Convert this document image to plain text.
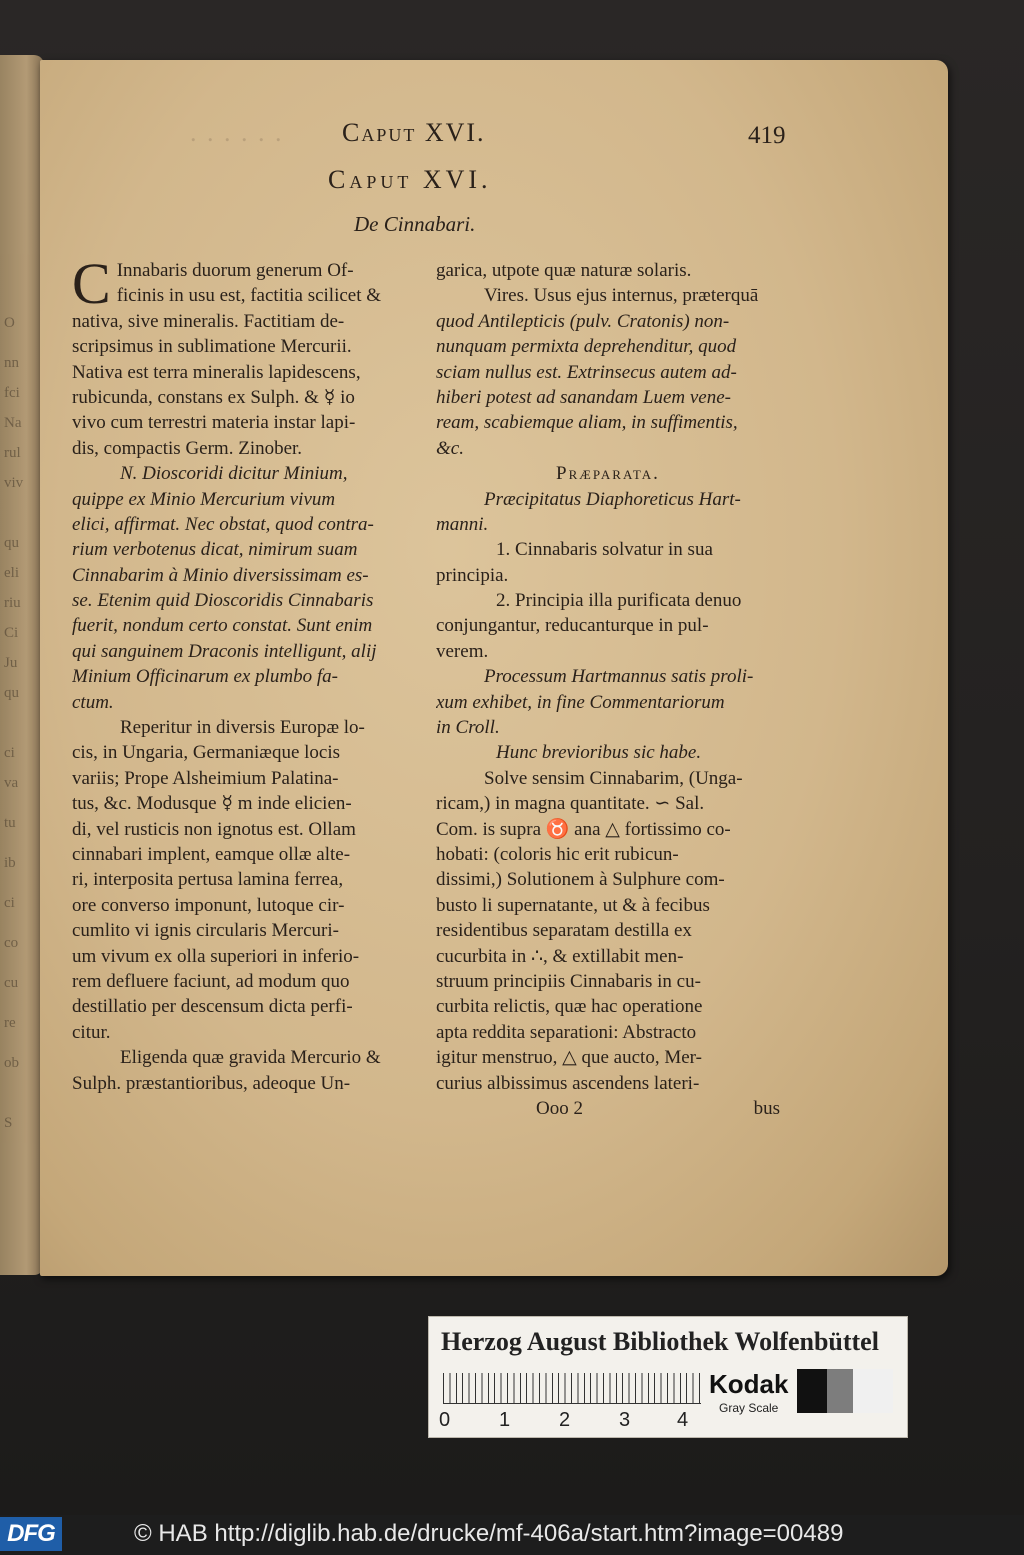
O
nn
fci
Na
rul
viv
qu
eli
riu
Ci
Ju
qu
ci
va
tu
ib
ci
co
cu
re
ob
S
. . . . . . Caput XVI.	419
Caput XVI.
De Cinnabari.
C Innabaris duorum generum Of-
ficinis in usu est, factitia scilicet &
nativa, sive mineralis. Factitiam de-
scripsimus in sublimatione Mercurii.
Nativa est terra mineralis lapidescens,
rubicunda, constans ex Sulph. & ☿ io
vivo cum terrestri materia instar lapi-
dis, compactis Germ. Zinober.
N. Dioscoridi dicitur Minium,
quippe ex Minio Mercurium vivum
elici, affirmat. Nec obstat, quod contra-
rium verbotenus dicat, nimirum suam
Cinnabarim à Minio diversissimam es-
se. Etenim quid Dioscoridis Cinnabaris
fuerit, nondum certo constat. Sunt enim
qui sanguinem Draconis intelligunt, alij
Minium Officinarum ex plumbo fa-
ctum.
Reperitur in diversis Europæ lo-
cis, in Ungaria, Germaniæque locis
variis; Prope Alsheimium Palatina-
tus, &c. Modusque ☿ m inde elicien-
di, vel rusticis non ignotus est. Ollam
cinnabari implent, eamque ollæ alte-
ri, interposita pertusa lamina ferrea,
ore converso imponunt, lutoque cir-
cumlito vi ignis circularis Mercuri-
um vivum ex olla superiori in inferio-
rem defluere faciunt, ad modum quo
destillatio per descensum dicta perfi-
citur.
Eligenda quæ gravida Mercurio &
Sulph. præstantioribus, adeoque Un-
garica, utpote quæ naturæ solaris.
Vires. Usus ejus internus, præterquā
quod Antilepticis (pulv. Cratonis) non-
nunquam permixta deprehenditur, quod
sciam nullus est. Extrinsecus autem ad-
hiberi potest ad sanandam Luem vene-
ream, scabiemque aliam, in suffimentis,
&c.
Præparata.
Præcipitatus Diaphoreticus Hart-
manni.
1. Cinnabaris solvatur in sua
principia.
2. Principia illa purificata denuo
conjungantur, reducanturque in pul-
verem.
Processum Hartmannus satis proli-
xum exhibet, in fine Commentariorum
in Croll.
Hunc brevioribus sic habe.
Solve sensim Cinnabarim, (Unga-
ricam,) in magna quantitate. ∽ Sal.
Com. is supra ♉ ana △ fortissimo co-
hobati: (coloris hic erit rubicun-
dissimi,) Solutionem à Sulphure com-
busto li supernatante, ut & à fecibus
residentibus separatam destilla ex
cucurbita in ∴, & extillabit men-
struum principiis Cinnabaris in cu-
curbita relictis, quæ hac operatione
apta reddita separationi: Abstracto
igitur menstruo, △ que aucto, Mer-
curius albissimus ascendens lateri-
Ooo 2	bus
Herzog August Bibliothek Wolfenbüttel
0 1 2 3 4
Kodak
Gray Scale
DFG	© HAB http://diglib.hab.de/drucke/mf-406a/start.htm?image=00489
